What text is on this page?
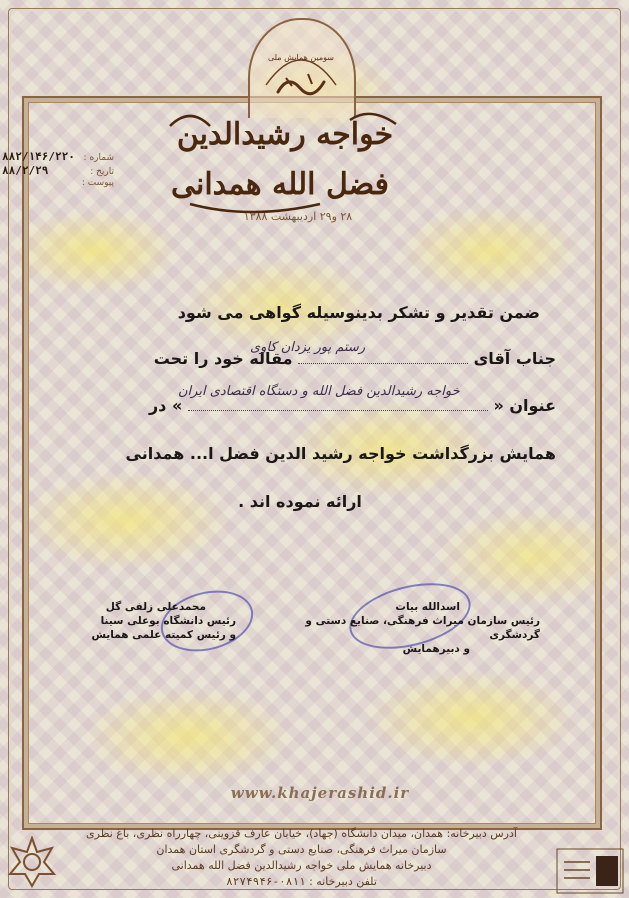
سومین همایش ملی
خواجه رشیدالدین
فضل الله همدانی
۲۸ و۲۹ اردیبهشت ۱۳۸۸
شماره :
۸۸۲/۱۴۶/۲۲۰
تاریخ :
۸۸/۲/۲۹
پیوست :
ضمن تقدیر و تشکر بدینوسیله گواهی می شود
جناب آقای  مقاله خود را تحت
رستم پور یزدان کاوی
عنوان «  » در
خواجه رشیدالدین فضل الله و دستگاه اقتصادی ایران
همایش بزرگداشت خواجه رشید الدین فضل ا... همدانی
ارائه نموده اند .
اسدالله بیات
رئیس سازمان میراث فرهنگی، صنایع دستی و گردشگری
و دبیرهمایش
محمدعلی زلفی گل
رئیس دانشگاه بوعلی سینا
و رئیس کمیته علمی همایش
www.khajerashid.ir
آدرس دبیرخانه: همدان، میدان دانشگاه (جهاد)، خیابان عارف قزوینی، چهارراه نظری، باغ نظری
سازمان میراث فرهنگی، صنایع دستی و گردشگری استان همدان
دبیرخانه همایش ملی خواجه رشیدالدین فضل الله همدانی
تلفن دبیرخانه : ۰۸۱۱-۸۲۷۴۹۴۶
